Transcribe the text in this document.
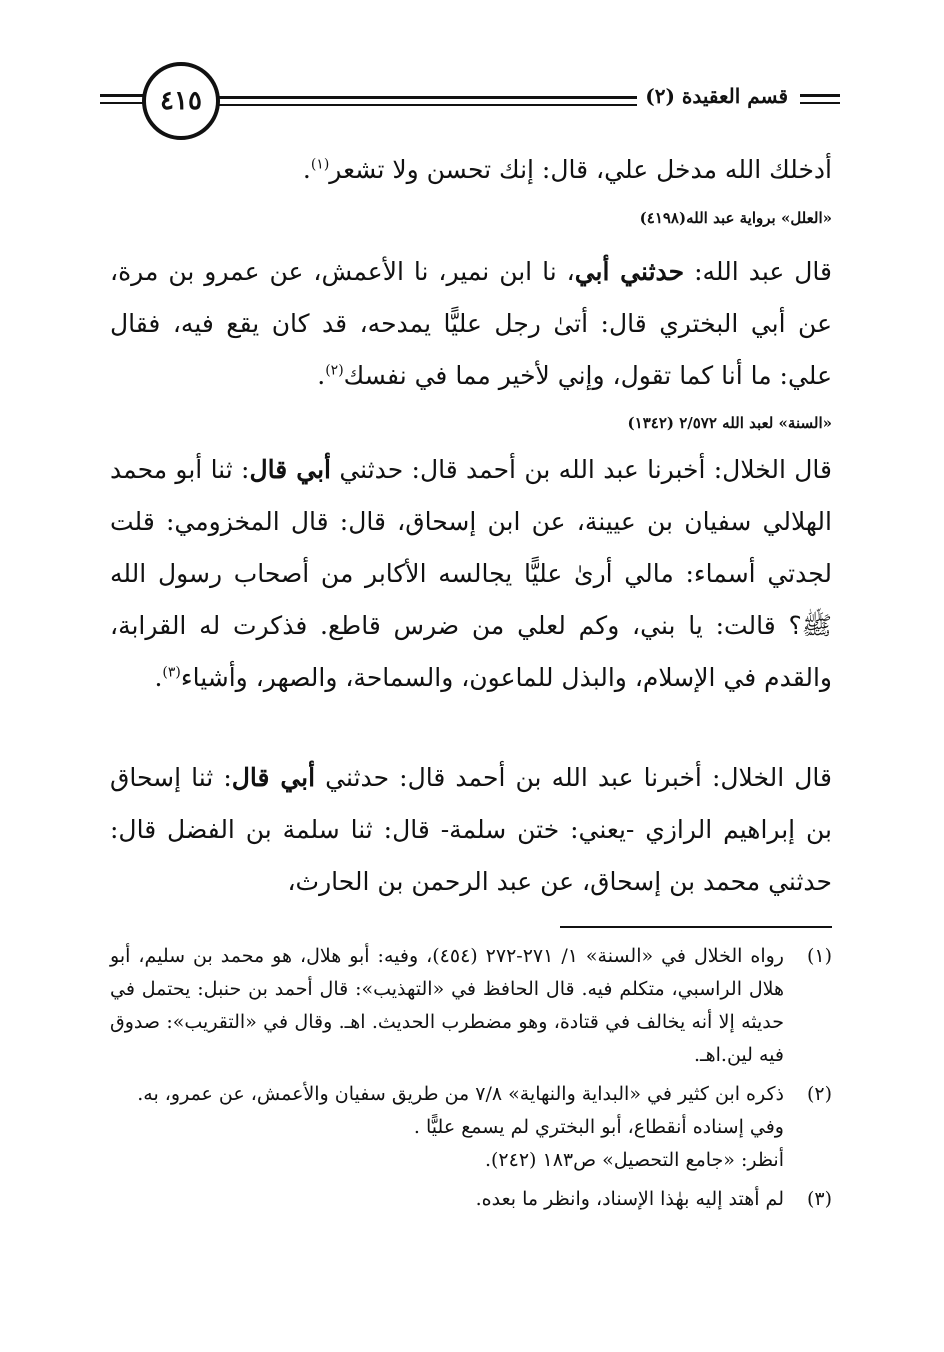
٤١٥	قسم العقيدة (٢)
أدخلك الله مدخل علي، قال: إنك تحسن ولا تشعر$^{(١)}$.
«العلل» برواية عبد الله(٤١٩٨)
قال عبد الله: حدثني أبي، نا ابن نمير، نا الأعمش، عن عمرو بن مرة، عن أبي البختري قال: أتىٰ رجل عليًّا يمدحه، قد كان يقع فيه، فقال علي: ما أنا كما تقول، وإني لأخير مما في نفسك$^{(٢)}$.
«السنة» لعبد الله ٢/٥٧٢ (١٣٤٢)
قال الخلال: أخبرنا عبد الله بن أحمد قال: حدثني أبي قال: ثنا أبو محمد الهلالي سفيان بن عيينة، عن ابن إسحاق، قال: قال المخزومي: قلت لجدتي أسماء: مالي أرىٰ عليًّا يجالسه الأكابر من أصحاب رسول الله ﷺ؟ قالت: يا بني، وكم لعلي من ضرس قاطع. فذكرت له القرابة، والقدم في الإسلام، والبذل للماعون، والسماحة، والصهر، وأشياء$^{(٣)}$.
قال الخلال: أخبرنا عبد الله بن أحمد قال: حدثني أبي قال: ثنا إسحاق بن إبراهيم الرازي -يعني: ختن سلمة- قال: ثنا سلمة بن الفضل قال: حدثني محمد بن إسحاق، عن عبد الرحمن بن الحارث،
(١)
رواه الخلال في «السنة» ١/ ٢٧١-٢٧٢ (٤٥٤)، وفيه: أبو هلال، هو محمد بن سليم، أبو هلال الراسبي، متكلم فيه. قال الحافظ في «التهذيب»: قال أحمد بن حنبل: يحتمل في حديثه إلا أنه يخالف في قتادة، وهو مضطرب الحديث. اهـ. وقال في «التقريب»: صدوق فيه لين.اهـ.
(٢)
ذكره ابن كثير في «البداية والنهاية» ٧/٨ من طريق سفيان والأعمش، عن عمرو، به.
وفي إسناده أنقطاع، أبو البختري لم يسمع عليًّا .
أنظر: «جامع التحصيل» ص١٨٣ (٢٤٢).
(٣)
لم أهتد إليه بهٰذا الإسناد، وانظر ما بعده.
